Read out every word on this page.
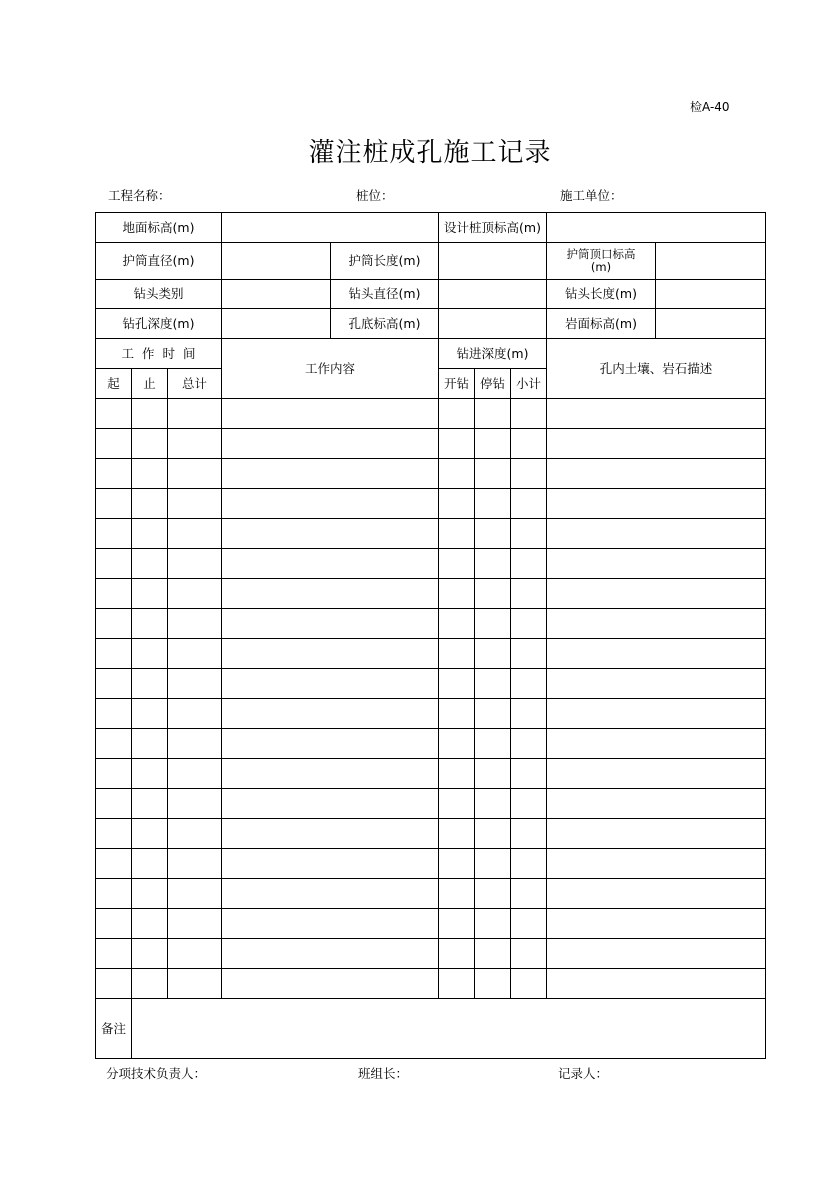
检A-40
灌注桩成孔施工记录
工程名称：	桩位：	施工单位：
地面标高(m)					设计桩顶标高(m)				
护筒直径(m)				护筒长度(m)				护筒顶口标高(m)	
钻头类别				钻头直径(m)				钻头长度(m)	
钻孔深度(m)				孔底标高(m)				岩面标高(m)	
工 作 时 间			工作内容		钻进深度(m)			孔内土壤、岩石描述	
起	止	总计			开钻	停钻	小计		

备注									
分项技术负责人：	班组长：	记录人：
